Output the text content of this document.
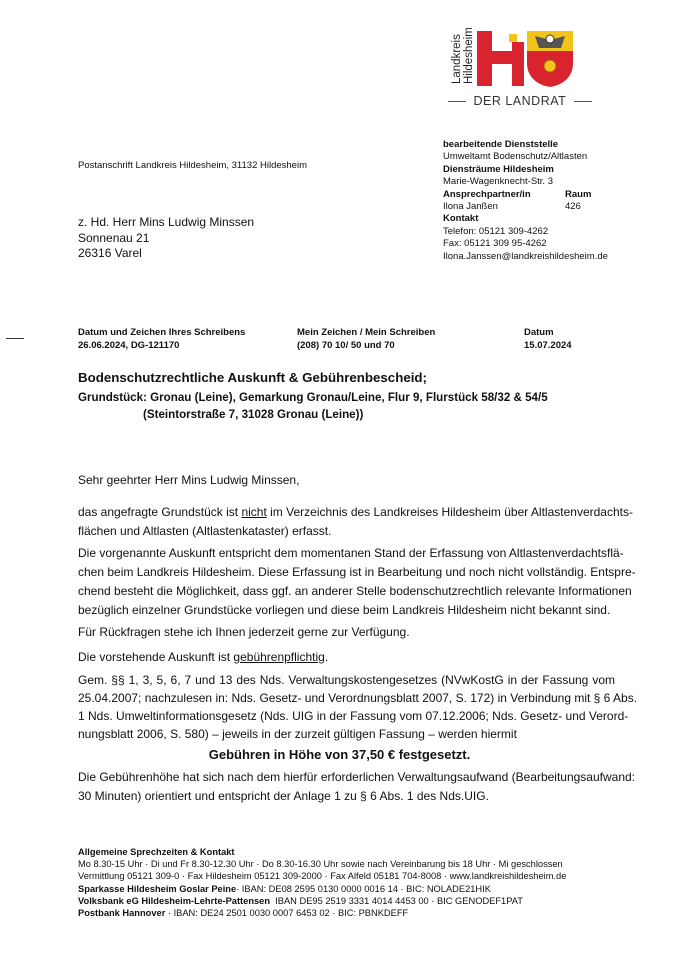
Landkreis Hildesheim
DER LANDRAT
bearbeitende Dienststelle
Umweltamt Bodenschutz/Altlasten
Diensträume Hildesheim
Marie-Wagenknecht-Str. 3
Ansprechpartner/in	Raum
Ilona Janßen	426
Kontakt
Telefon: 05121 309-4262
Fax: 05121 309 95-4262
Ilona.Janssen@landkreishildesheim.de
Postanschrift Landkreis Hildesheim, 31132 Hildesheim
z. Hd. Herr Mins Ludwig Minssen
Sonnenau 21
26316 Varel
Datum und Zeichen Ihres Schreibens
26.06.2024, DG-121170
Mein Zeichen / Mein Schreiben
(208) 70 10/ 50 und 70
Datum
15.07.2024
Bodenschutzrechtliche Auskunft & Gebührenbescheid;
Grundstück: Gronau (Leine), Gemarkung Gronau/Leine, Flur 9, Flurstück 58/32 & 54/5
(Steintorstraße 7, 31028 Gronau (Leine))
Sehr geehrter Herr Mins Ludwig Minssen,
das angefragte Grundstück ist nicht im Verzeichnis des Landkreises Hildesheim über Altlastenverdachts-
flächen und Altlasten (Altlastenkataster) erfasst.
Die vorgenannte Auskunft entspricht dem momentanen Stand der Erfassung von Altlastenverdachtsflä-
chen beim Landkreis Hildesheim. Diese Erfassung ist in Bearbeitung und noch nicht vollständig. Entspre-
chend besteht die Möglichkeit, dass ggf. an anderer Stelle bodenschutzrechtlich relevante Informationen
bezüglich einzelner Grundstücke vorliegen und diese beim Landkreis Hildesheim nicht bekannt sind.
Für Rückfragen stehe ich Ihnen jederzeit gerne zur Verfügung.
Die vorstehende Auskunft ist gebührenpflichtig.
Gem. §§ 1, 3, 5, 6, 7 und 13 des Nds. Verwaltungskostengesetzes (NVwKostG in der Fassung vom
25.04.2007; nachzulesen in: Nds. Gesetz- und Verordnungsblatt 2007, S. 172) in Verbindung mit § 6 Abs.
1 Nds. Umweltinformationsgesetz (Nds. UIG in der Fassung vom 07.12.2006; Nds. Gesetz- und Verord-
nungsblatt 2006, S. 580) – jeweils in der zurzeit gültigen Fassung – werden hiermit
Gebühren in Höhe von 37,50 € festgesetzt.
Die Gebührenhöhe hat sich nach dem hierfür erforderlichen Verwaltungsaufwand (Bearbeitungsaufwand:
30 Minuten) orientiert und entspricht der Anlage 1 zu § 6 Abs. 1 des Nds.UIG.
Allgemeine Sprechzeiten & Kontakt
Mo 8.30-15 Uhr · Di und Fr 8.30-12.30 Uhr · Do 8.30-16.30 Uhr sowie nach Vereinbarung bis 18 Uhr · Mi geschlossen
Vermittlung 05121 309-0 · Fax Hildesheim 05121 309-2000 · Fax Alfeld 05181 704-8008 · www.landkreishildesheim.de
Sparkasse Hildesheim Goslar Peine· IBAN: DE08 2595 0130 0000 0016 14 · BIC: NOLADE21HIK
Volksbank eG Hildesheim-Lehrte-Pattensen  IBAN DE95 2519 3331 4014 4453 00 · BIC GENODEF1PAT
Postbank Hannover · IBAN: DE24 2501 0030 0007 6453 02 · BIC: PBNKDEFF
